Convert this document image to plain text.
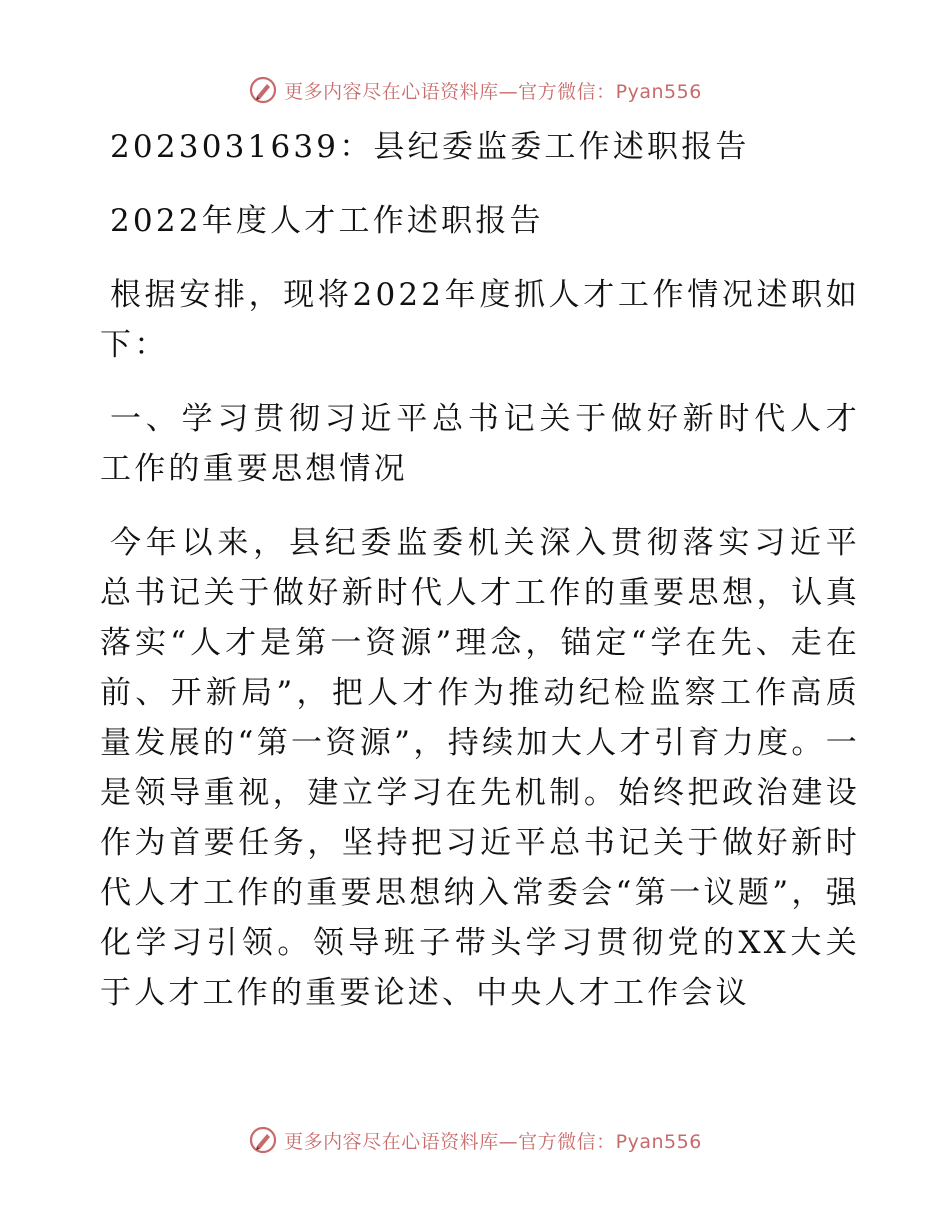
更多内容尽在心语资料库—官方微信：Pyan556

2023031639：县纪委监委工作述职报告

2022年度人才工作述职报告

根据安排，现将2022年度抓人才工作情况述职如下：

一、学习贯彻习近平总书记关于做好新时代人才工作的重要思想情况

今年以来，县纪委监委机关深入贯彻落实习近平总书记关于做好新时代人才工作的重要思想，认真落实“人才是第一资源”理念，锚定“学在先、走在前、开新局”，把人才作为推动纪检监察工作高质量发展的“第一资源”，持续加大人才引育力度。一是领导重视，建立学习在先机制。始终把政治建设作为首要任务，坚持把习近平总书记关于做好新时代人才工作的重要思想纳入常委会“第一议题”，强化学习引领。领导班子带头学习贯彻党的XX大关于人才工作的重要论述、中央人才工作会议

更多内容尽在心语资料库—官方微信：Pyan556
